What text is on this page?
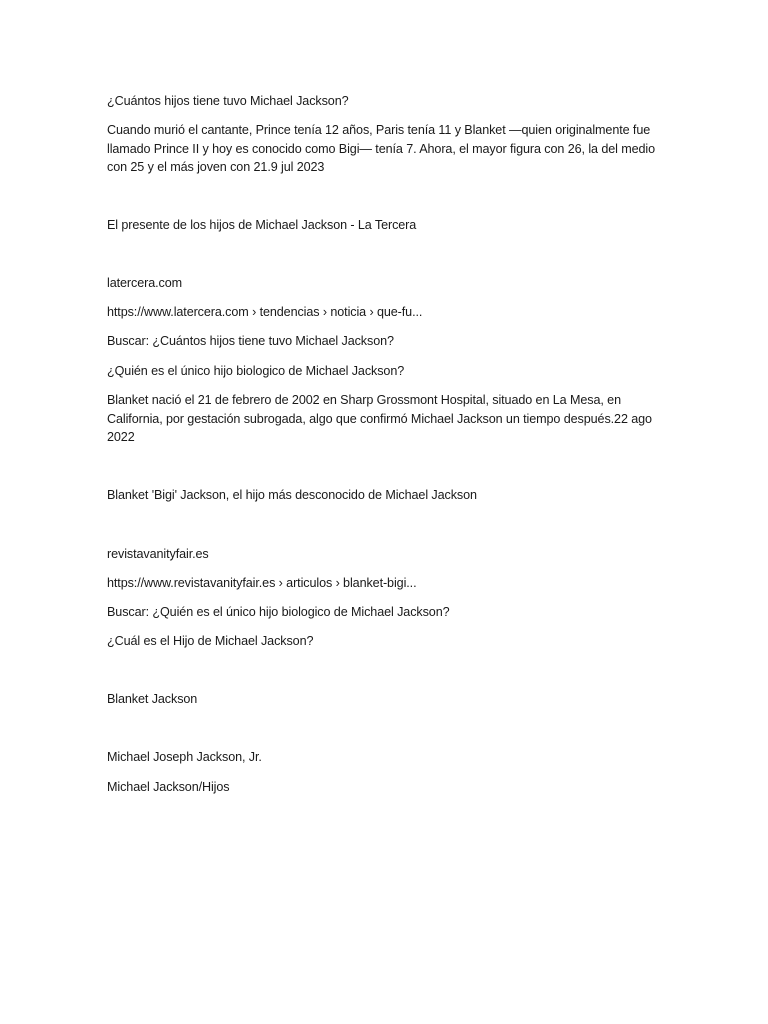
¿Cuántos hijos tiene tuvo Michael Jackson?
Cuando murió el cantante, Prince tenía 12 años, Paris tenía 11 y Blanket —quien originalmente fue llamado Prince II y hoy es conocido como Bigi— tenía 7. Ahora, el mayor figura con 26, la del medio con 25 y el más joven con 21.9 jul 2023
El presente de los hijos de Michael Jackson - La Tercera
latercera.com
https://www.latercera.com › tendencias › noticia › que-fu...
Buscar: ¿Cuántos hijos tiene tuvo Michael Jackson?
¿Quién es el único hijo biologico de Michael Jackson?
Blanket nació el 21 de febrero de 2002 en Sharp Grossmont Hospital, situado en La Mesa, en California, por gestación subrogada, algo que confirmó Michael Jackson un tiempo después.22 ago 2022
Blanket 'Bigi' Jackson, el hijo más desconocido de Michael Jackson
revistavanityfair.es
https://www.revistavanityfair.es › articulos › blanket-bigi...
Buscar: ¿Quién es el único hijo biologico de Michael Jackson?
¿Cuál es el Hijo de Michael Jackson?
Blanket Jackson
Michael Joseph Jackson, Jr.
Michael Jackson/Hijos
